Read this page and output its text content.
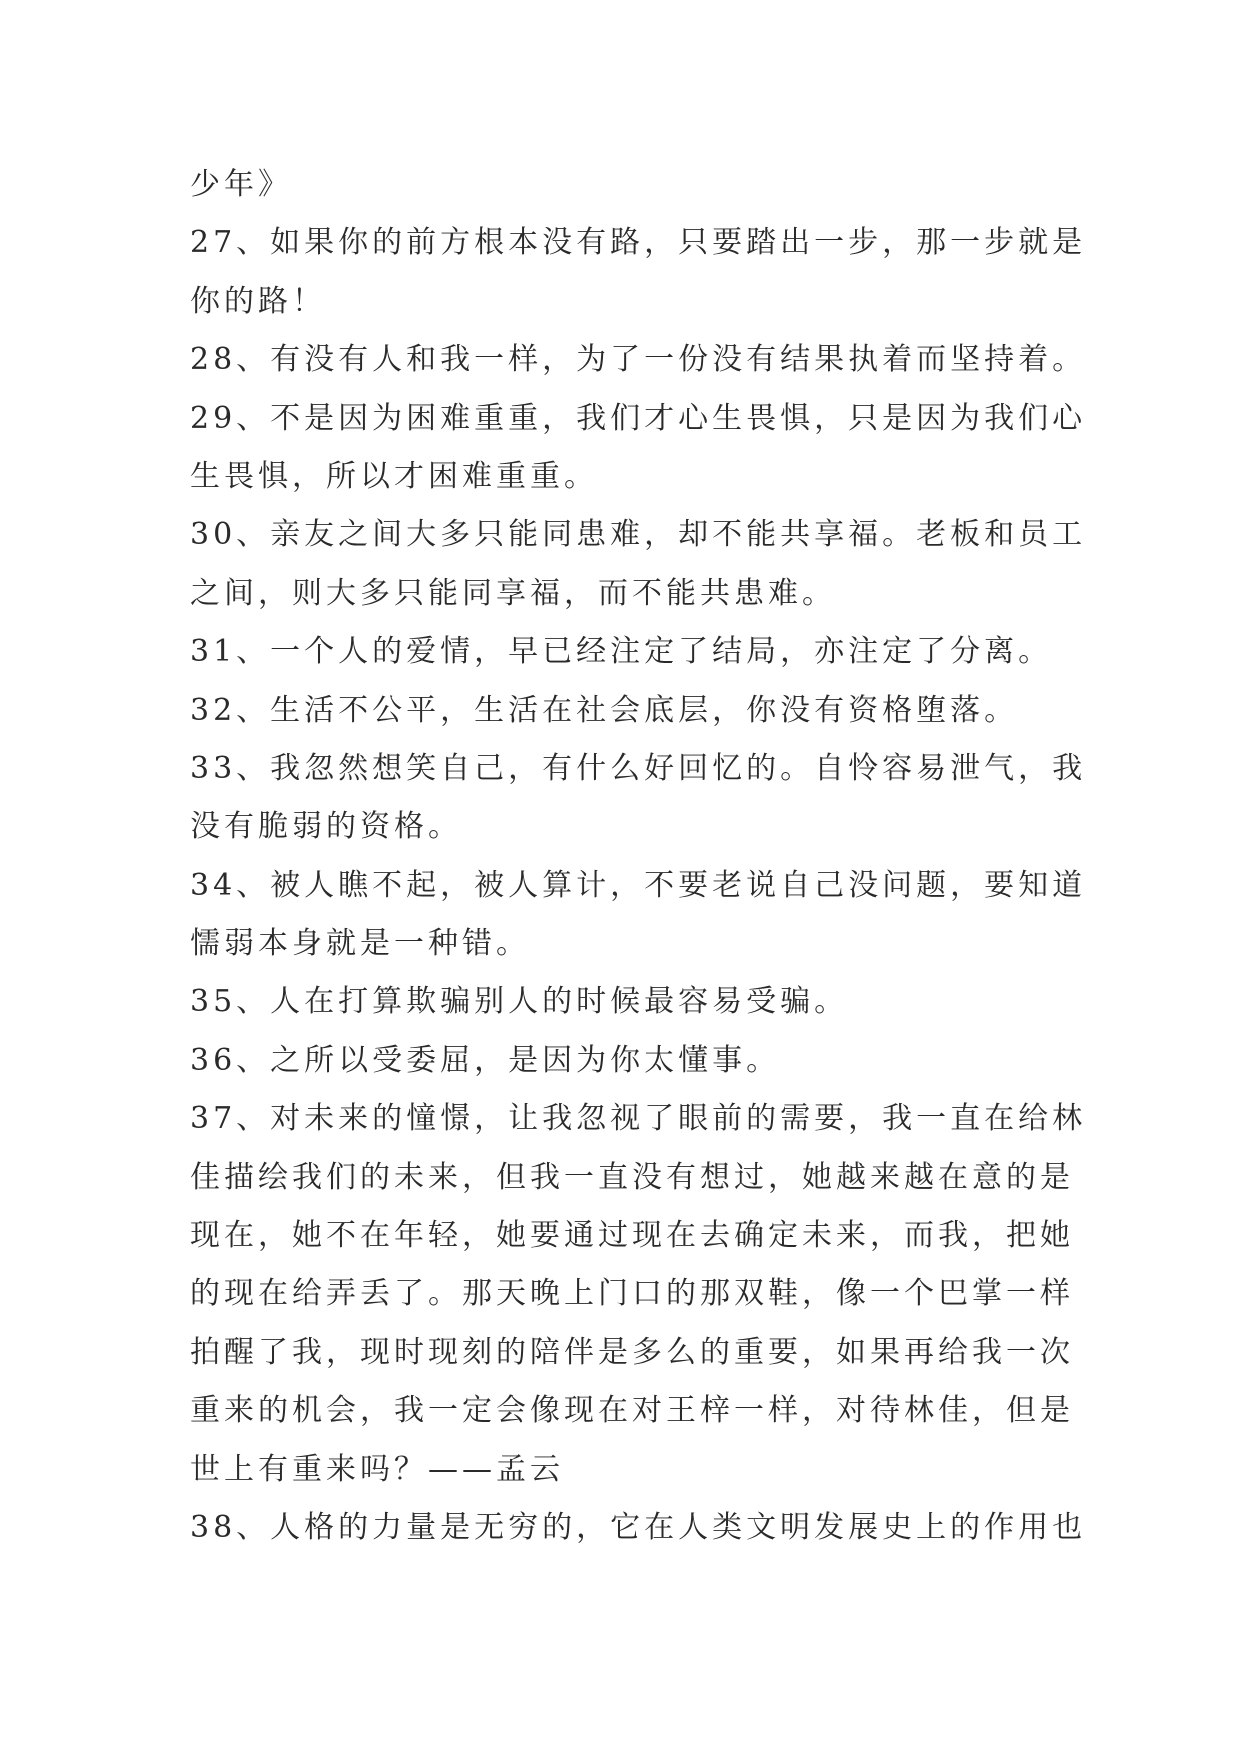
少年》
27、如果你的前方根本没有路，只要踏出一步，那一步就是
你的路！
28、有没有人和我一样，为了一份没有结果执着而坚持着。
29、不是因为困难重重，我们才心生畏惧，只是因为我们心
生畏惧，所以才困难重重。
30、亲友之间大多只能同患难，却不能共享福。老板和员工
之间，则大多只能同享福，而不能共患难。
31、一个人的爱情，早已经注定了结局，亦注定了分离。
32、生活不公平，生活在社会底层，你没有资格堕落。
33、我忽然想笑自己，有什么好回忆的。自怜容易泄气，我
没有脆弱的资格。
34、被人瞧不起，被人算计，不要老说自己没问题，要知道
懦弱本身就是一种错。
35、人在打算欺骗别人的时候最容易受骗。
36、之所以受委屈，是因为你太懂事。
37、对未来的憧憬，让我忽视了眼前的需要，我一直在给林
佳描绘我们的未来，但我一直没有想过，她越来越在意的是
现在，她不在年轻，她要通过现在去确定未来，而我，把她
的现在给弄丢了。那天晚上门口的那双鞋，像一个巴掌一样
拍醒了我，现时现刻的陪伴是多么的重要，如果再给我一次
重来的机会，我一定会像现在对王梓一样，对待林佳，但是
世上有重来吗？——孟云
38、人格的力量是无穷的，它在人类文明发展史上的作用也
